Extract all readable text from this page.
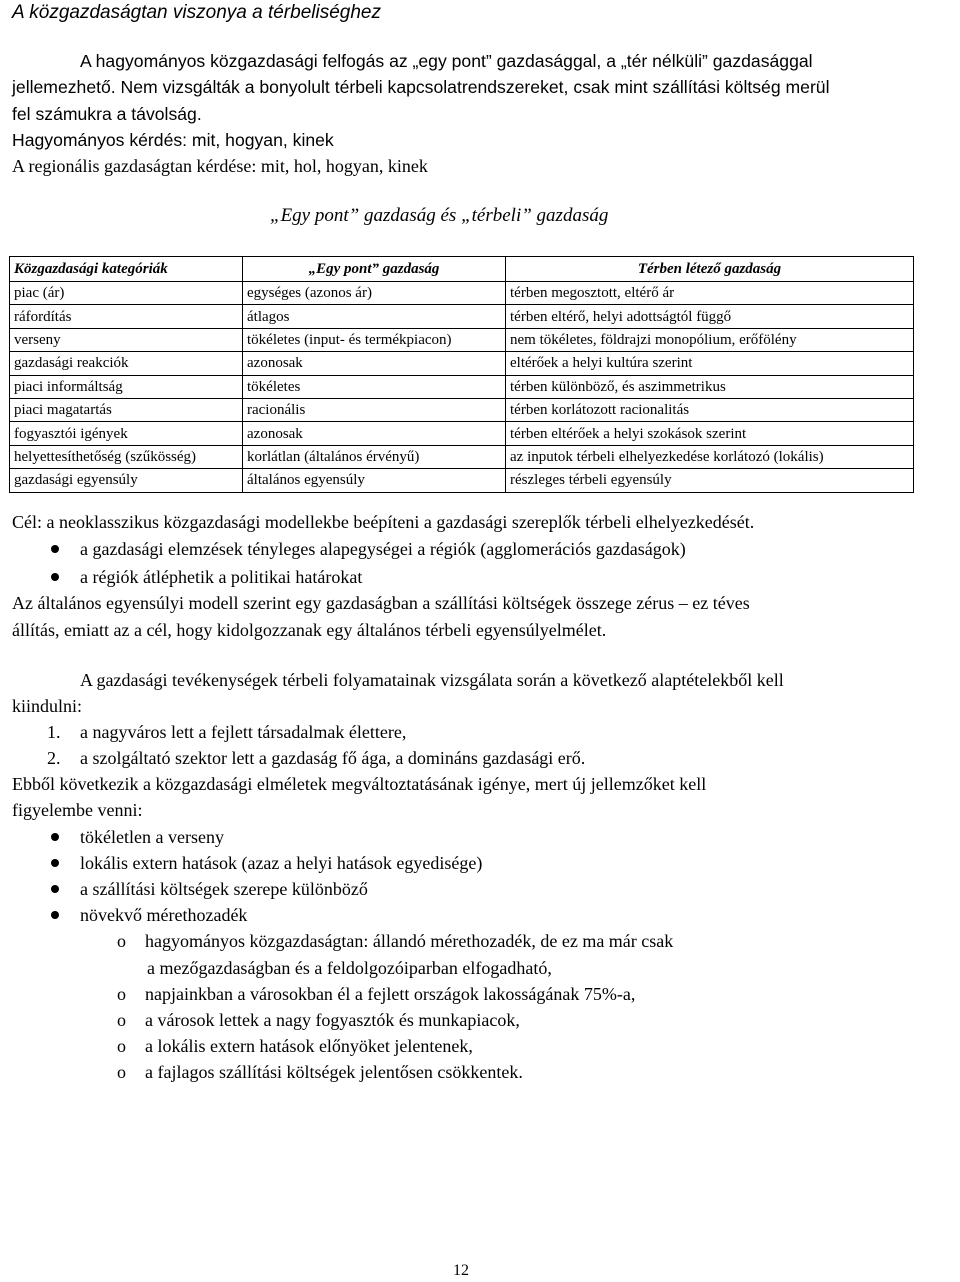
A közgazdaságtan viszonya a térbeliséghez
A hagyományos közgazdasági felfogás az „egy pont” gazdasággal, a „tér nélküli” gazdasággal
jellemezhető. Nem vizsgálták a bonyolult térbeli kapcsolatrendszereket, csak mint szállítási költség merül
fel számukra a távolság.
Hagyományos kérdés: mit, hogyan, kinek
A regionális gazdaságtan kérdése: mit, hol, hogyan, kinek
„Egy pont” gazdaság és „térbeli” gazdaság
Közgazdasági kategóriák	„Egy pont” gazdaság	Térben létező gazdaság
piac (ár)	egységes (azonos ár)	térben megosztott, eltérő ár
ráfordítás	átlagos	térben eltérő, helyi adottságtól függő
verseny	tökéletes (input- és termékpiacon)	nem tökéletes, földrajzi monopólium, erőfölény
gazdasági reakciók	azonosak	eltérőek a helyi kultúra szerint
piaci informáltság	tökéletes	térben különböző, és aszimmetrikus
piaci magatartás	racionális	térben korlátozott racionalitás
fogyasztói igények	azonosak	térben eltérőek a helyi szokások szerint
helyettesíthetőség (szűkösség)	korlátlan (általános érvényű)	az inputok térbeli elhelyezkedése korlátozó (lokális)
gazdasági egyensúly	általános egyensúly	részleges térbeli egyensúly
Cél: a neoklasszikus közgazdasági modellekbe beépíteni a gazdasági szereplők térbeli elhelyezkedését.
a gazdasági elemzések tényleges alapegységei a régiók (agglomerációs gazdaságok)
a régiók átléphetik a politikai határokat
Az általános egyensúlyi modell szerint egy gazdaságban a szállítási költségek összege zérus – ez téves
állítás, emiatt az a cél, hogy kidolgozzanak egy általános térbeli egyensúlyelmélet.
A gazdasági tevékenységek térbeli folyamatainak vizsgálata során a következő alaptételekből kell
kiindulni:
1. a nagyváros lett a fejlett társadalmak élettere,
2. a szolgáltató szektor lett a gazdaság fő ága, a domináns gazdasági erő.
Ebből következik a közgazdasági elméletek megváltoztatásának igénye, mert új jellemzőket kell
figyelembe venni:
tökéletlen a verseny
lokális extern hatások (azaz a helyi hatások egyedisége)
a szállítási költségek szerepe különböző
növekvő mérethozadék
o hagyományos közgazdaságtan: állandó mérethozadék, de ez ma már csak
a mezőgazdaságban és a feldolgozóiparban elfogadható,
o napjainkban a városokban él a fejlett országok lakosságának 75%-a,
o a városok lettek a nagy fogyasztók és munkapiacok,
o a lokális extern hatások előnyöket jelentenek,
o a fajlagos szállítási költségek jelentősen csökkentek.
12
